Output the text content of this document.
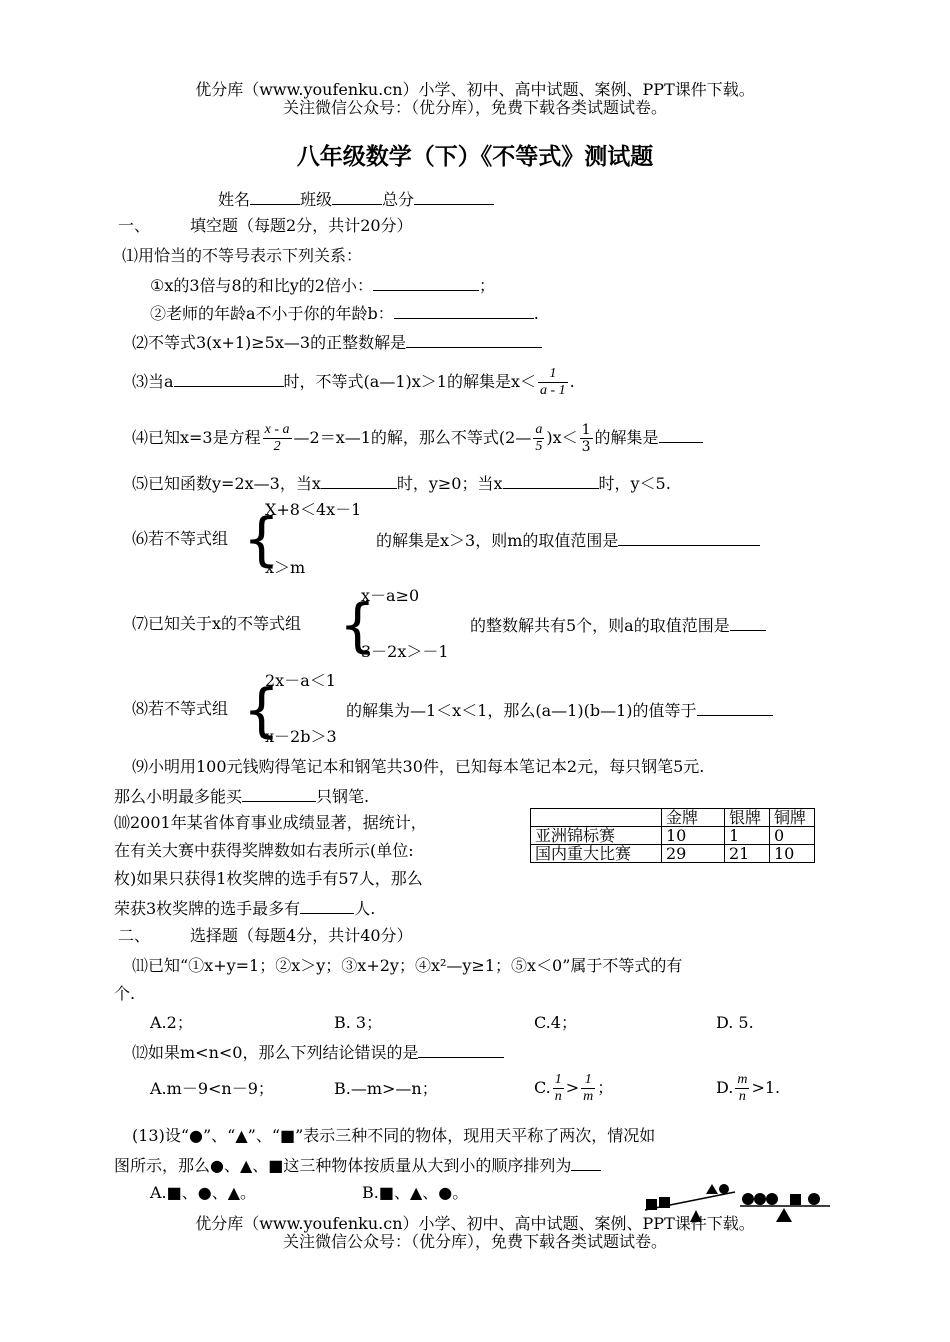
优分库（www.youfenku.cn）小学、初中、高中试题、案例、PPT课件下载。
关注微信公众号：（优分库），免费下载各类试题试卷。
八年级数学（下）《不等式》测试题
姓名	班级	总分
一、	填空题（每题2分，共计20分）
⑴用恰当的不等号表示下列关系：
①x的3倍与8的和比y的2倍小：	；
②老师的年龄a不小于你的年龄b：	.
⑵不等式3(x+1)≥5x—3的正整数解是
⑶当a	时，不等式(a—1)x＞1的解集是$x< \frac{1}{a - 1}$ .
⑷已知x=3是方程 $\frac{x - a}{2}$ —2＝x—1的解，那么不等式(2— $\frac{a}{5} )x< \frac{1}{3}$ 的解集是
⑸已知函数y=2x—3，当x	时，y≥0；当x	时，y＜5.
X+8＜4x－1
{
⑹若不等式组	的解集是x＞3，则m的取值范围是
x＞m
x－a≥0
{
⑺已知关于x的不等式组	的整数解共有5个，则a的取值范围是
3－2x＞－1
2x－a＜1
{
⑻若不等式组	的解集为—1＜x＜1，那么(a—1)(b—1)的值等于
x－2b＞3
⑼小明用100元钱购得笔记本和钢笔共30件，已知每本笔记本2元，每只钢笔5元.
那么小明最多能买	只钢笔.
⑽2001年某省体育事业成绩显著，据统计，
在有关大赛中获得奖牌数如右表所示(单位:
枚)如果只获得1枚奖牌的选手有57人，那么
荣获3枚奖牌的选手最多有	人.
	金牌	银牌	铜牌
亚洲锦标赛	10	1	0
国内重大比赛	29	21	10
二、	选择题（每题4分，共计40分）
⑾已知“①x+y=1；②x＞y；③x+2y；④x²—y≥1；⑤x＜0”属于不等式的有
个.
A.2；	B. 3；	C.4；	D. 5.
⑿如果m<n<0，那么下列结论错误的是
A.m－9<n－9；	B.—m>—n；	C. $\frac{1}{n} > \frac{1}{m}$ ；	D. $\frac{m}{n} >1$.
(13)设“●”、“▲”、“■”表示三种不同的物体，现用天平称了两次，情况如
图所示，那么●、▲、■这三种物体按质量从大到小的顺序排列为
A.■、●、▲。	B.■、▲、●。
优分库（www.youfenku.cn）小学、初中、高中试题、案例、PPT课件下载。
关注微信公众号：（优分库），免费下载各类试题试卷。
